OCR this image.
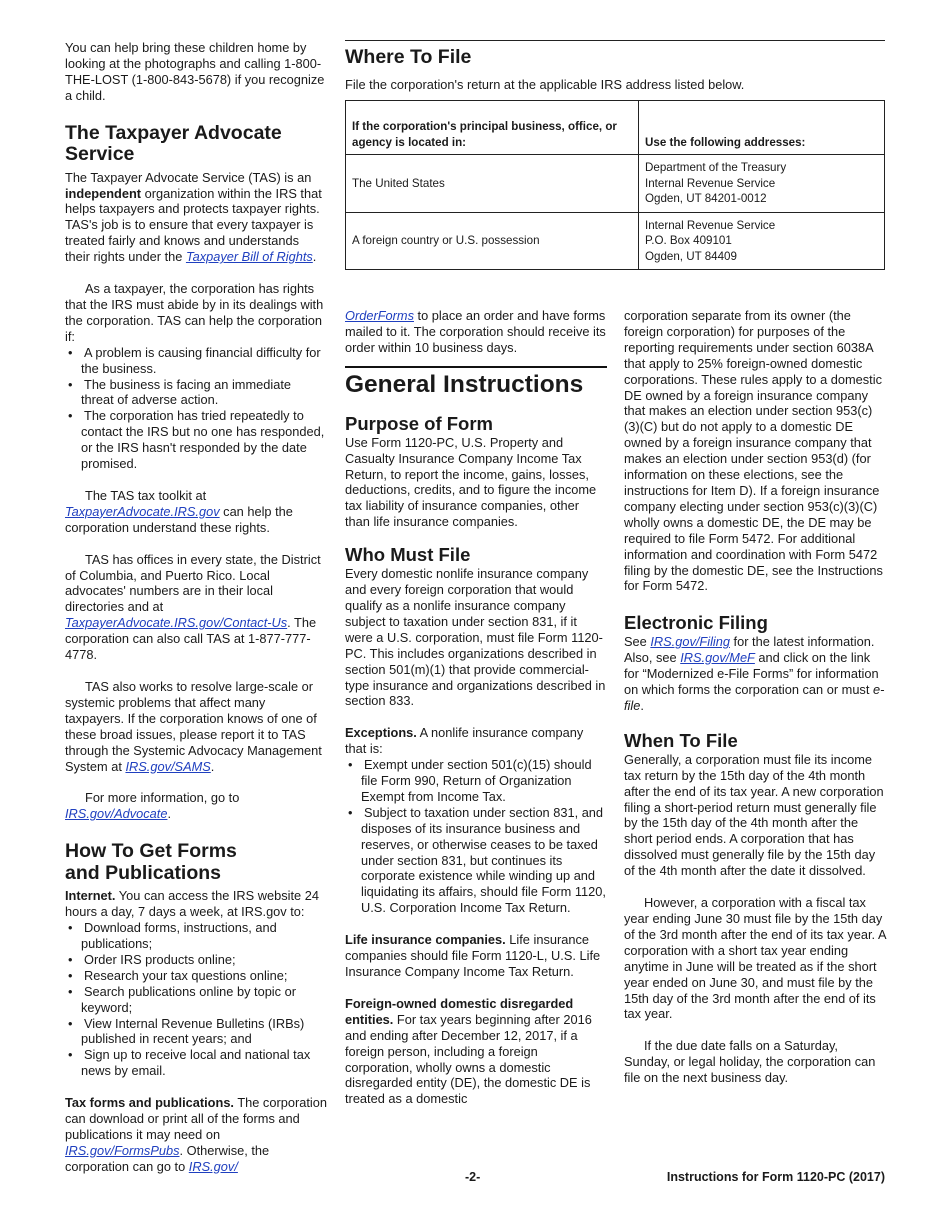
You can help bring these children home by looking at the photographs and calling 1-800-THE-LOST (1-800-843-5678) if you recognize a child.

The Taxpayer Advocate Service

The Taxpayer Advocate Service (TAS) is an independent organization within the IRS that helps taxpayers and protects taxpayer rights. TAS's job is to ensure that every taxpayer is treated fairly and knows and understands their rights under the Taxpayer Bill of Rights.

As a taxpayer, the corporation has rights that the IRS must abide by in its dealings with the corporation. TAS can help the corporation if:

• A problem is causing financial difficulty for the business.

• The business is facing an immediate threat of adverse action.

• The corporation has tried repeatedly to contact the IRS but no one has responded, or the IRS hasn't responded by the date promised.

The TAS tax toolkit at TaxpayerAdvocate.IRS.gov can help the corporation understand these rights.

TAS has offices in every state, the District of Columbia, and Puerto Rico. Local advocates' numbers are in their local directories and at TaxpayerAdvocate.IRS.gov/Contact-Us. The corporation can also call TAS at 1-877-777-4778.

TAS also works to resolve large-scale or systemic problems that affect many taxpayers. If the corporation knows of one of these broad issues, please report it to TAS through the Systemic Advocacy Management System at IRS.gov/SAMS.

For more information, go to
IRS.gov/Advocate.

How To Get Forms and Publications

Internet. You can access the IRS website 24 hours a day, 7 days a week, at IRS.gov to:

• Download forms, instructions, and publications;

• Order IRS products online;

• Research your tax questions online;

• Search publications online by topic or keyword;

• View Internal Revenue Bulletins (IRBs) published in recent years; and

• Sign up to receive local and national tax news by email.

Tax forms and publications. The corporation can download or print all of the forms and publications it may need on IRS.gov/FormsPubs. Otherwise, the corporation can go to IRS.gov/

Where To File

File the corporation's return at the applicable IRS address listed below.

If the corporation's principal business, office, or agency is located in:	Use the following addresses:
The United States	Department of the Treasury
Internal Revenue Service
Ogden, UT 84201-0012

A foreign country or U.S. possession	Internal Revenue Service
P.O. Box 409101
Ogden, UT 84409

OrderForms to place an order and have forms mailed to it. The corporation should receive its order within 10 business days.

General Instructions
Purpose of Form

Use Form 1120-PC, U.S. Property and Casualty Insurance Company Income Tax Return, to report the income, gains, losses, deductions, credits, and to figure the income tax liability of insurance companies, other than life insurance companies.

Who Must File

Every domestic nonlife insurance company and every foreign corporation that would qualify as a nonlife insurance company subject to taxation under section 831, if it were a U.S. corporation, must file Form 1120-PC. This includes organizations described in section 501(m)(1) that provide commercial-type insurance and organizations described in section 833.

Exceptions. A nonlife insurance company that is:

• Exempt under section 501(c)(15) should file Form 990, Return of Organization Exempt from Income Tax.

• Subject to taxation under section 831, and disposes of its insurance business and reserves, or otherwise ceases to be taxed under section 831, but continues its corporate existence while winding up and liquidating its affairs, should file Form 1120, U.S. Corporation Income Tax Return.

Life insurance companies. Life insurance companies should file Form 1120-L, U.S. Life Insurance Company Income Tax Return.

Foreign-owned domestic disregarded entities. For tax years beginning after 2016 and ending after December 12, 2017, if a foreign person, including a foreign corporation, wholly owns a domestic disregarded entity (DE), the domestic DE is treated as a domestic

corporation separate from its owner (the foreign corporation) for purposes of the reporting requirements under section 6038A that apply to 25% foreign-owned domestic corporations. These rules apply to a domestic DE owned by a foreign insurance company that makes an election under section 953(c)(3)(C) but do not apply to a domestic DE owned by a foreign insurance company that makes an election under section 953(d) (for information on these elections, see the instructions for Item D). If a foreign insurance company electing under section 953(c)(3)(C) wholly owns a domestic DE, the DE may be required to file Form 5472. For additional information and coordination with Form 5472 filing by the domestic DE, see the Instructions for Form 5472.

Electronic Filing

See IRS.gov/Filing for the latest information. Also, see IRS.gov/MeF and click on the link for “Modernized e-File Forms” for information on which forms the corporation can or must e-file.

When To File

Generally, a corporation must file its income tax return by the 15th day of the 4th month after the end of its tax year. A new corporation filing a short-period return must generally file by the 15th day of the 4th month after the short period ends. A corporation that has dissolved must generally file by the 15th day of the 4th month after the date it dissolved.

However, a corporation with a fiscal tax year ending June 30 must file by the 15th day of the 3rd month after the end of its tax year. A corporation with a short tax year ending anytime in June will be treated as if the short year ended on June 30, and must file by the 15th day of the 3rd month after the end of its tax year.

If the due date falls on a Saturday, Sunday, or legal holiday, the corporation can file on the next business day.

-2-	Instructions for Form 1120-PC (2017)
